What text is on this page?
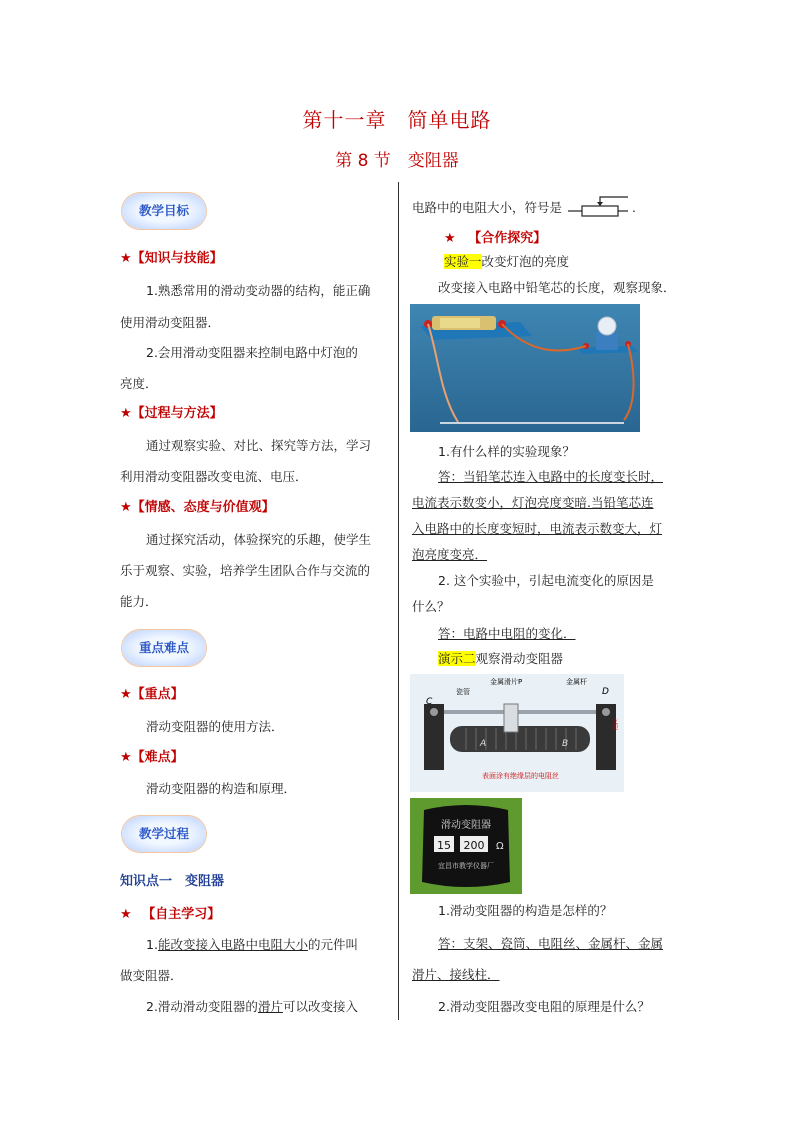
第十一章　简单电路
第 8 节　变阻器
教学目标
★【知识与技能】
1.熟悉常用的滑动变动器的结构，能正确
使用滑动变阻器．
2.会用滑动变阻器来控制电路中灯泡的
亮度．
★【过程与方法】
通过观察实验、对比、探究等方法，学习
利用滑动变阻器改变电流、电压．
★【情感、态度与价值观】
通过探究活动，体验探究的乐趣，使学生
乐于观察、实验，培养学生团队合作与交流的
能力．
重点难点
★【重点】
滑动变阻器的使用方法．
★【难点】
滑动变阻器的构造和原理．
教学过程
知识点一　变阻器
★ 【自主学习】
1.能改变接入电路中电阻大小的元件叫
做变阻器．
2.滑动滑动变阻器的滑片可以改变接入
电路中的电阻大小，符号是	.
★ 【合作探究】
实验一改变灯泡的亮度
改变接入电路中铅笔芯的长度，观察现象．
1.有什么样的实验现象？
答：当铅笔芯连入电路中的长度变长时，
电流表示数变小，灯泡亮度变暗.当铅笔芯连
入电路中的长度变短时，电流表示数变大，灯
泡亮度变亮．
2. 这个实验中，引起电流变化的原因是
什么？
答：电路中电阻的变化．
演示二观察滑动变阻器
瓷管
金属滑片P	金属杆
C
D
A	B
支架
表面涂有绝缘层的电阻丝
滑动变阻器
15 200 Ω
宜昌市教学仪器厂
1.滑动变阻器的构造是怎样的？
答：支架、瓷筒、电阻丝、金属杆、金属
滑片、接线柱．
2.滑动变阻器改变电阻的原理是什么？
